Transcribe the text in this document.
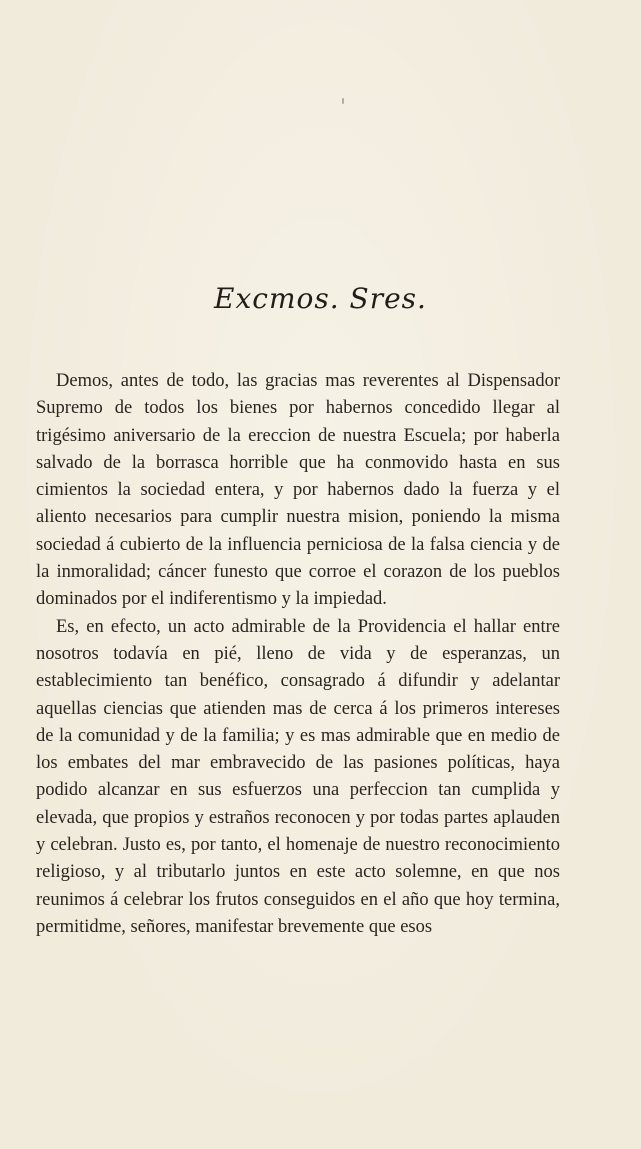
Excmos. Sres.

Demos, antes de todo, las gracias mas reverentes al Dispensador Supremo de todos los bienes por habernos concedido llegar al trigésimo aniversario de la ereccion de nuestra Escuela; por haberla salvado de la borrasca horrible que ha conmovido hasta en sus cimientos la sociedad entera, y por habernos dado la fuerza y el aliento necesarios para cumplir nuestra mision, poniendo la misma sociedad á cubierto de la influencia perniciosa de la falsa ciencia y de la inmoralidad; cáncer funesto que corroe el corazon de los pueblos dominados por el indiferentismo y la impiedad.

Es, en efecto, un acto admirable de la Providencia el hallar entre nosotros todavía en pié, lleno de vida y de esperanzas, un establecimiento tan benéfico, consagrado á difundir y adelantar aquellas ciencias que atienden mas de cerca á los primeros intereses de la comunidad y de la familia; y es mas admirable que en medio de los embates del mar embravecido de las pasiones políticas, haya podido alcanzar en sus esfuerzos una perfeccion tan cumplida y elevada, que propios y estraños reconocen y por todas partes aplauden y celebran. Justo es, por tanto, el homenaje de nuestro reconocimiento religioso, y al tributarlo juntos en este acto solemne, en que nos reunimos á celebrar los frutos conseguidos en el año que hoy termina, permitidme, señores, manifestar brevemente que esos
